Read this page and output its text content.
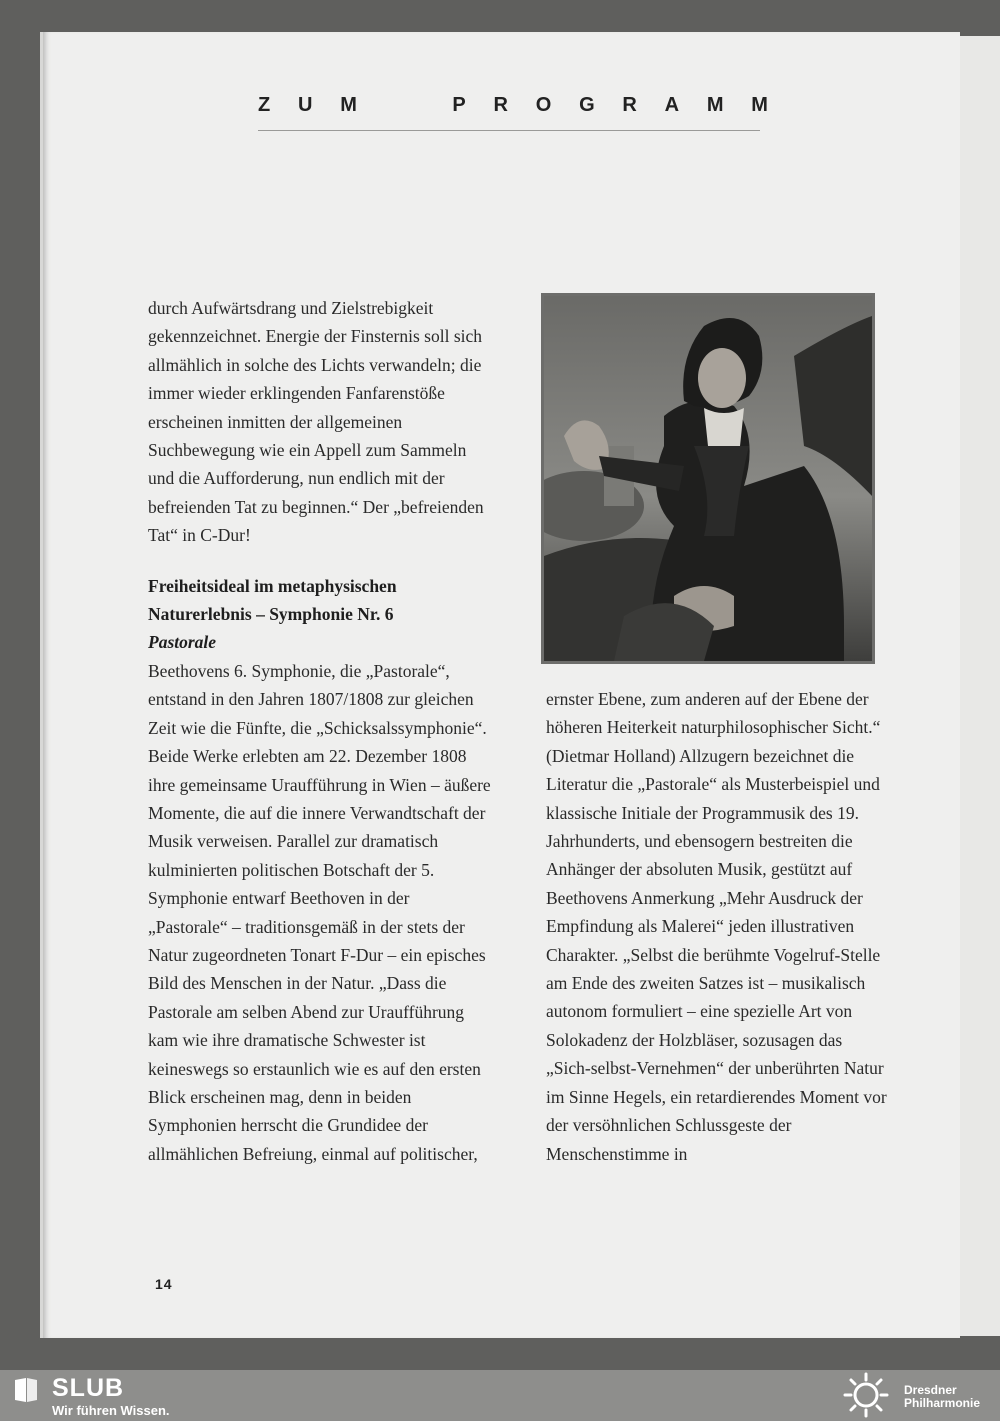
Z U M	P R O G R A M M

durch Aufwärtsdrang und Zielstrebigkeit gekennzeichnet. Energie der Finsternis soll sich allmählich in solche des Lichts verwandeln; die immer wieder erklingenden Fanfarenstöße erscheinen inmitten der allgemeinen Suchbewegung wie ein Appell zum Sammeln und die Aufforderung, nun endlich mit der befreienden Tat zu beginnen.“ Der „befreienden Tat“ in C-Dur!

Freiheitsideal im metaphysischen
Naturerlebnis – Symphonie Nr. 6
Pastorale

Beethovens 6. Symphonie, die „Pastorale“, entstand in den Jahren 1807/1808 zur gleichen Zeit wie die Fünfte, die „Schicksalssymphonie“. Beide Werke erlebten am 22. Dezember 1808 ihre gemeinsame Uraufführung in Wien – äußere Momente, die auf die innere Verwandtschaft der Musik verweisen. Parallel zur dramatisch kulminierten politischen Botschaft der 5. Symphonie entwarf Beethoven in der „Pastorale“ – traditionsgemäß in der stets der Natur zugeordneten Tonart F-Dur – ein episches Bild des Menschen in der Natur. „Dass die Pastorale am selben Abend zur Uraufführung kam wie ihre dramatische Schwester ist keineswegs so erstaunlich wie es auf den ersten Blick erscheinen mag, denn in beiden Symphonien herrscht die Grundidee der allmählichen Befreiung, einmal auf politischer,

ernster Ebene, zum anderen auf der Ebene der höheren Heiterkeit naturphilosophischer Sicht.“ (Dietmar Holland) Allzugern bezeichnet die Literatur die „Pastorale“ als Musterbeispiel und klassische Initiale der Programmusik des 19. Jahrhunderts, und ebensogern bestreiten die Anhänger der absoluten Musik, gestützt auf Beethovens Anmerkung „Mehr Ausdruck der Empfindung als Malerei“ jeden illustrativen Charakter. „Selbst die berühmte Vogelruf-Stelle am Ende des zweiten Satzes ist – musikalisch autonom formuliert – eine spezielle Art von Solokadenz der Holzbläser, sozusagen das „Sich-selbst-Vernehmen“ der unberührten Natur im Sinne Hegels, ein retardierendes Moment vor der versöhnlichen Schlussgeste der Menschenstimme in

14
SLUB
Wir führen Wissen.
Dresdner
Philharmonie
